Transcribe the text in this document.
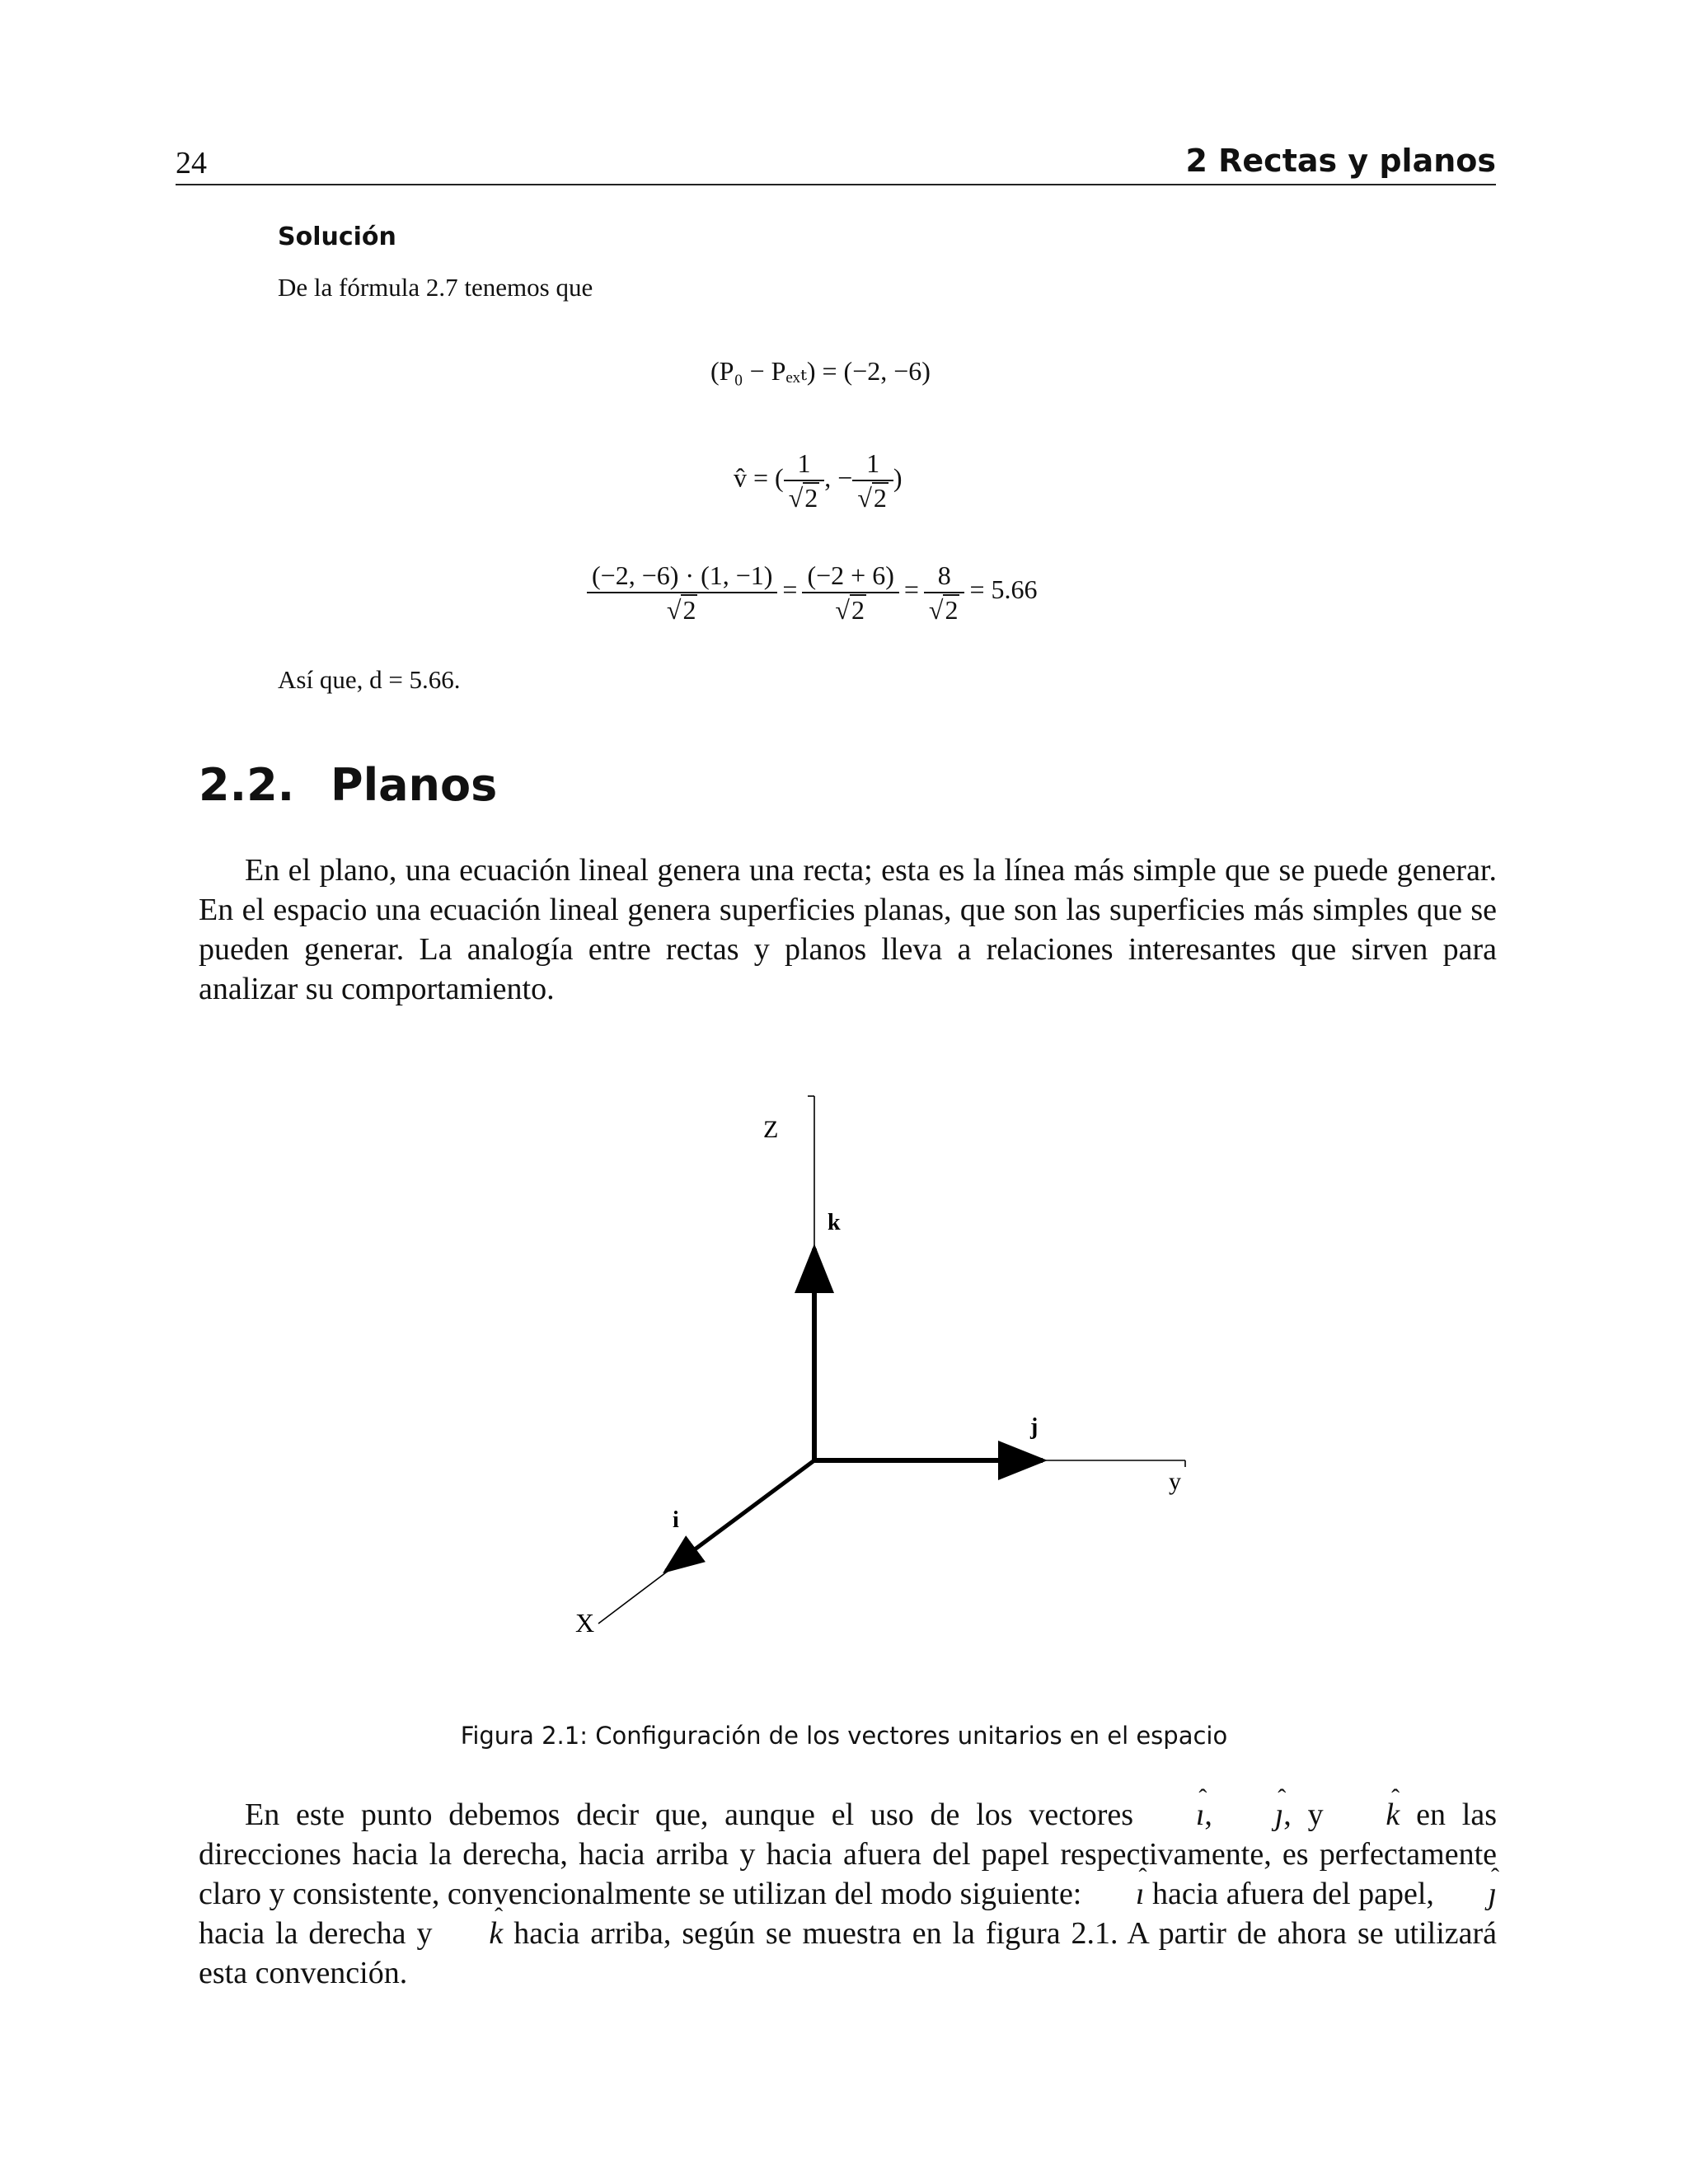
24	2 Rectas y planos
Solución
De la fórmula 2.7 tenemos que
(P₀ − Pₑₓₜ) = (−2, −6)
v̂ = ( $\frac{1}{√2}$ , − $\frac{1}{√2}$ )
$\frac{(-2, -6) \cdot (1, -1)}{√2} = \frac{(-2 + 6)}{√2} = \frac{8}{√2} = 5.66$
Así que, d = 5.66.
2.2. Planos

En el plano, una ecuación lineal genera una recta; esta es la línea más simple que se puede generar. En el espacio una ecuación lineal genera superficies planas, que son las superficies más simples que se pueden generar. La analogía entre rectas y planos lleva a relaciones interesantes que sirven para analizar su comportamiento.

Z
y
X
k
j
i
Figura 2.1: Configuración de los vectores unitarios en el espacio

En este punto debemos decir que, aunque el uso de los vectores ˆ ı, ˆ ȷ, y ˆ k en las direcciones hacia la derecha, hacia arriba y hacia afuera del papel respectivamente, es perfectamente claro y consistente, convencionalmente se utilizan del modo siguiente: ˆ ı hacia afuera del papel, ˆ ȷ hacia la derecha y ˆ k hacia arriba, según se muestra en la figura 2.1. A partir de ahora se utilizará esta convención.
